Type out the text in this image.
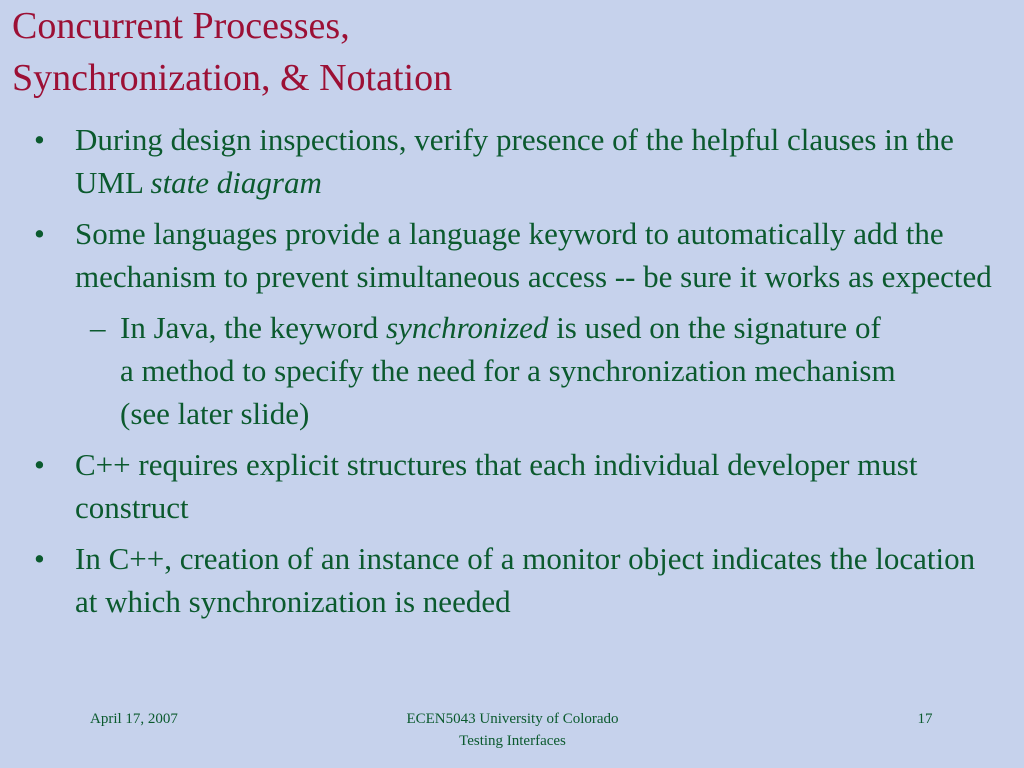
Concurrent Processes,
Synchronization, & Notation
• During design inspections, verify presence of the helpful clauses in the UML state diagram
• Some languages provide a language keyword to automatically add the mechanism to prevent simultaneous access -- be sure it works as expected
– In Java, the keyword synchronized is used on the signature of a method to specify the need for a synchronization mechanism (see later slide)
• C++ requires explicit structures that each individual developer must construct
• In C++, creation of an instance of a monitor object indicates the location at which synchronization is needed
April 17, 2007	ECEN5043 University of Colorado
Testing Interfaces
17
